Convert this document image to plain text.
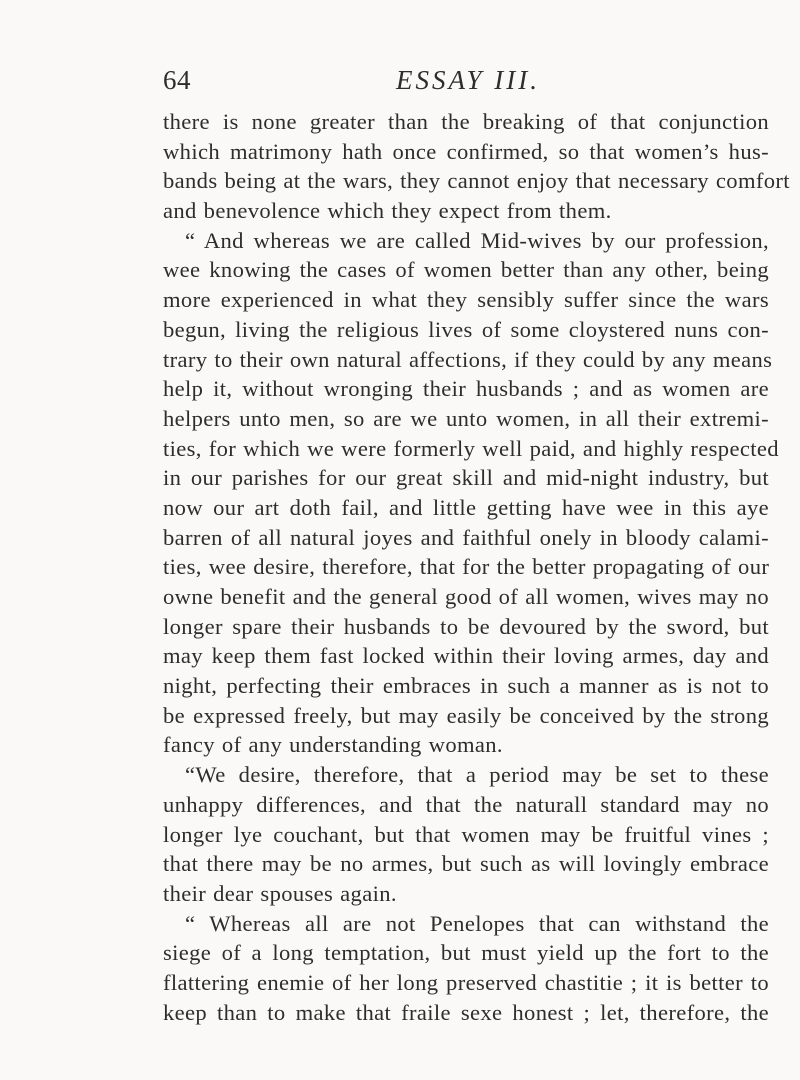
64	ESSAY III.
there is none greater than the breaking of that conjunction
which matrimony hath once confirmed, so that women’s hus-
bands being at the wars, they cannot enjoy that necessary comfort
and benevolence which they expect from them.
“ And whereas we are called Mid-wives by our profession,
wee knowing the cases of women better than any other, being
more experienced in what they sensibly suffer since the wars
begun, living the religious lives of some cloystered nuns con-
trary to their own natural affections, if they could by any means
help it, without wronging their husbands ; and as women are
helpers unto men, so are we unto women, in all their extremi-
ties, for which we were formerly well paid, and highly respected
in our parishes for our great skill and mid-night industry, but
now our art doth fail, and little getting have wee in this aye
barren of all natural joyes and faithful onely in bloody calami-
ties, wee desire, therefore, that for the better propagating of our
owne benefit and the general good of all women, wives may no
longer spare their husbands to be devoured by the sword, but
may keep them fast locked within their loving armes, day and
night, perfecting their embraces in such a manner as is not to
be expressed freely, but may easily be conceived by the strong
fancy of any understanding woman.
“We desire, therefore, that a period may be set to these
unhappy differences, and that the naturall standard may no
longer lye couchant, but that women may be fruitful vines ;
that there may be no armes, but such as will lovingly embrace
their dear spouses again.
“ Whereas all are not Penelopes that can withstand the
siege of a long temptation, but must yield up the fort to the
flattering enemie of her long preserved chastitie ; it is better to
keep than to make that fraile sexe honest ; let, therefore, the
